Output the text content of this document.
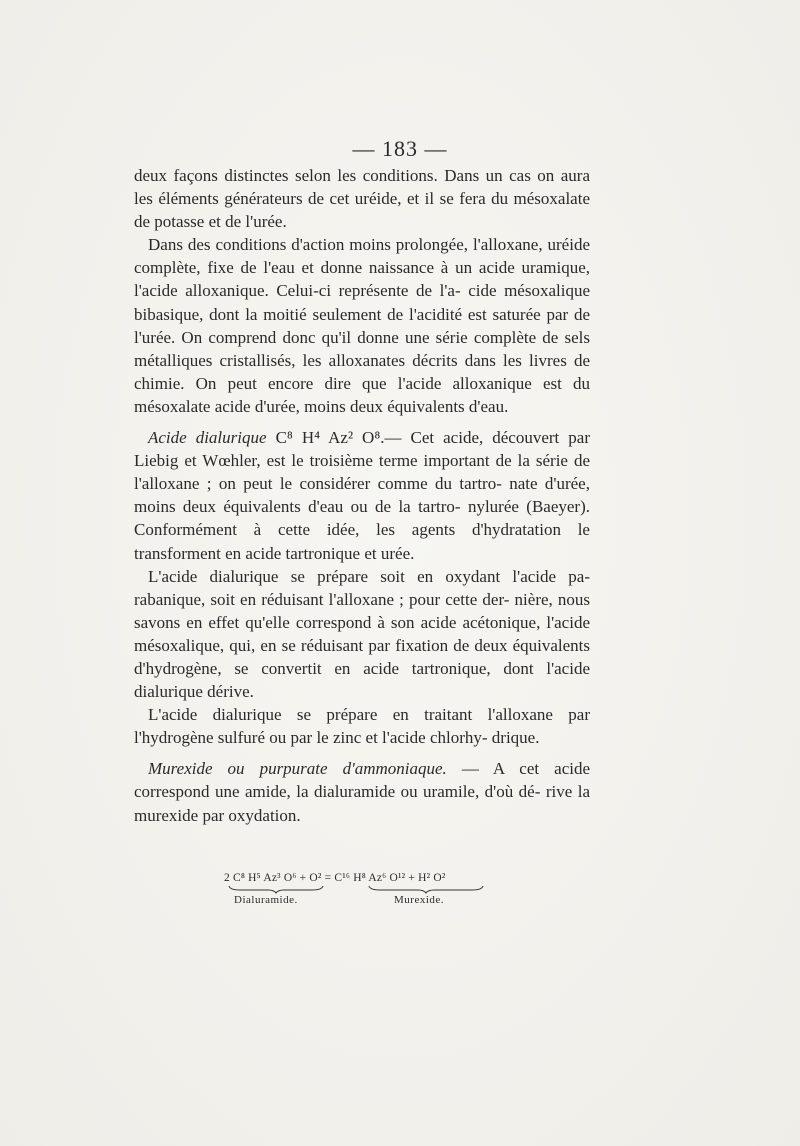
— 183 —

deux façons distinctes selon les conditions. Dans un cas on aura les éléments générateurs de cet uréide, et il se fera du mésoxalate de potasse et de l'urée.

Dans des conditions d'action moins prolongée, l'alloxane, uréide complète, fixe de l'eau et donne naissance à un acide uramique, l'acide alloxanique. Celui-ci représente de l'a- cide mésoxalique bibasique, dont la moitié seulement de l'acidité est saturée par de l'urée. On comprend donc qu'il donne une série complète de sels métalliques cristallisés, les alloxanates décrits dans les livres de chimie. On peut encore dire que l'acide alloxanique est du mésoxalate acide d'urée, moins deux équivalents d'eau.

Acide dialurique C⁸ H⁴ Az² O⁸.— Cet acide, découvert par Liebig et Wœhler, est le troisième terme important de la série de l'alloxane ; on peut le considérer comme du tartro- nate d'urée, moins deux équivalents d'eau ou de la tartro- nylurée (Baeyer). Conformément à cette idée, les agents d'hydratation le transforment en acide tartronique et urée.

L'acide dialurique se prépare soit en oxydant l'acide pa- rabanique, soit en réduisant l'alloxane ; pour cette der- nière, nous savons en effet qu'elle correspond à son acide acétonique, l'acide mésoxalique, qui, en se réduisant par fixation de deux équivalents d'hydrogène, se convertit en acide tartronique, dont l'acide dialurique dérive.

L'acide dialurique se prépare en traitant l'alloxane par l'hydrogène sulfuré ou par le zinc et l'acide chlorhy- drique.

Murexide ou purpurate d'ammoniaque. — A cet acide correspond une amide, la dialuramide ou uramile, d'où dé- rive la murexide par oxydation.

2 C⁸ H⁵ Az³ O⁶ + O² = C¹⁶ H⁸ Az⁶ O¹² + H² O²
Dialuramide.	Murexide.
